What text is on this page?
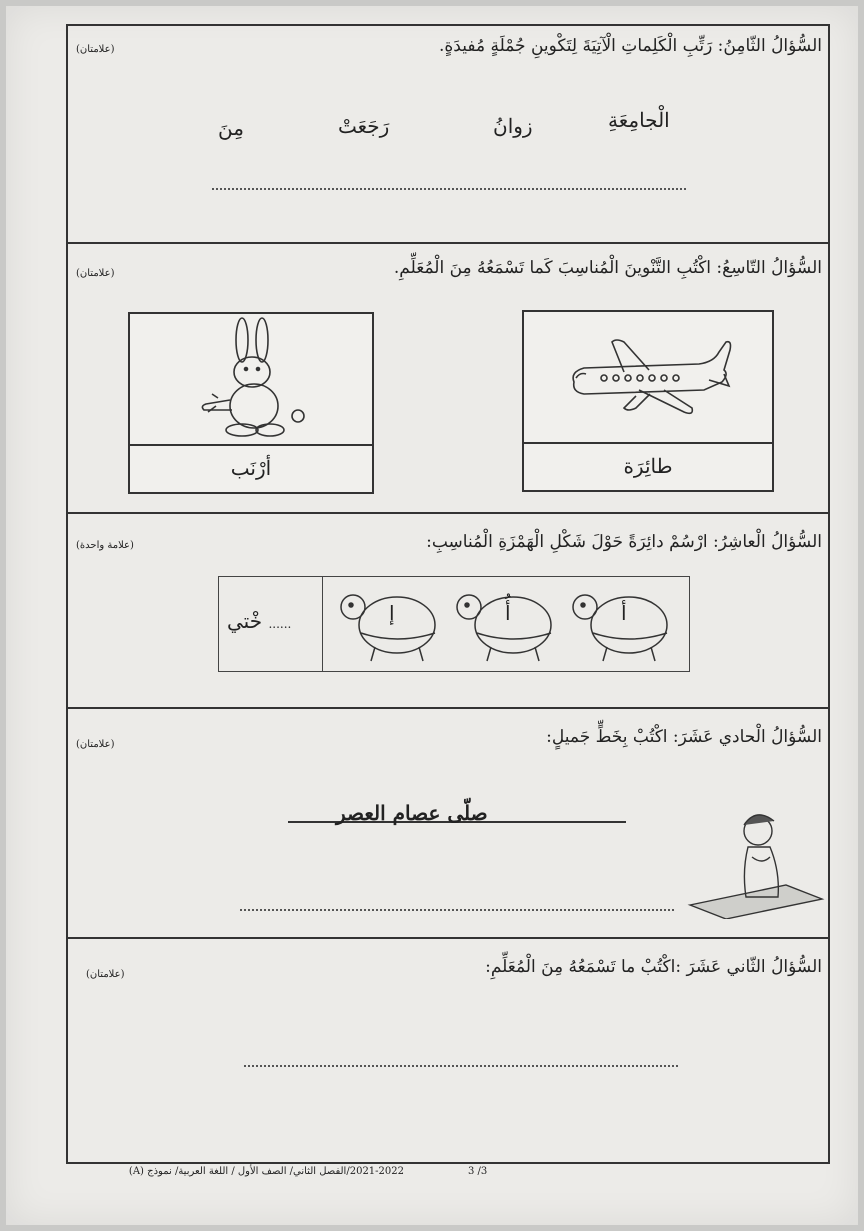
السُّؤالُ الثّامِنُ: رَتِّبِ الْكَلِماتِ الْآتِيَةَ لِتَكْوينِ جُمْلَةٍ مُفيدَةٍ.
(علامتان)
الْجامِعَةِ
زوانُ
رَجَعَتْ
مِنَ
السُّؤالُ التّاسِعُ: اكْتُبِ التَّنْوينَ الْمُناسِبَ كَما تَسْمَعُهُ مِنَ الْمُعَلِّمِ.
(علامتان)
طائِرَة
أرْنَب
السُّؤالُ الْعاشِرُ: ارْسُمْ دائِرَةً حَوْلَ شَكْلِ الْهَمْزَةِ الْمُناسِبِ:
(علامة واحدة)
خْتي ......	إ	أُ	أ
السُّؤالُ الْحادي عَشَرَ: اكْتُبْ بِخَطٍّ جَميلٍ:
(علامتان)
صلّى عصام العصر
السُّؤالُ الثّاني عَشَرَ :اكْتُبْ ما تَسْمَعُهُ مِنَ الْمُعَلِّمِ:
(علامتان)
3 /3
2021-2022/الفصل الثاني/ الصف الأول / اللغة العربية/ نموذج (A)
